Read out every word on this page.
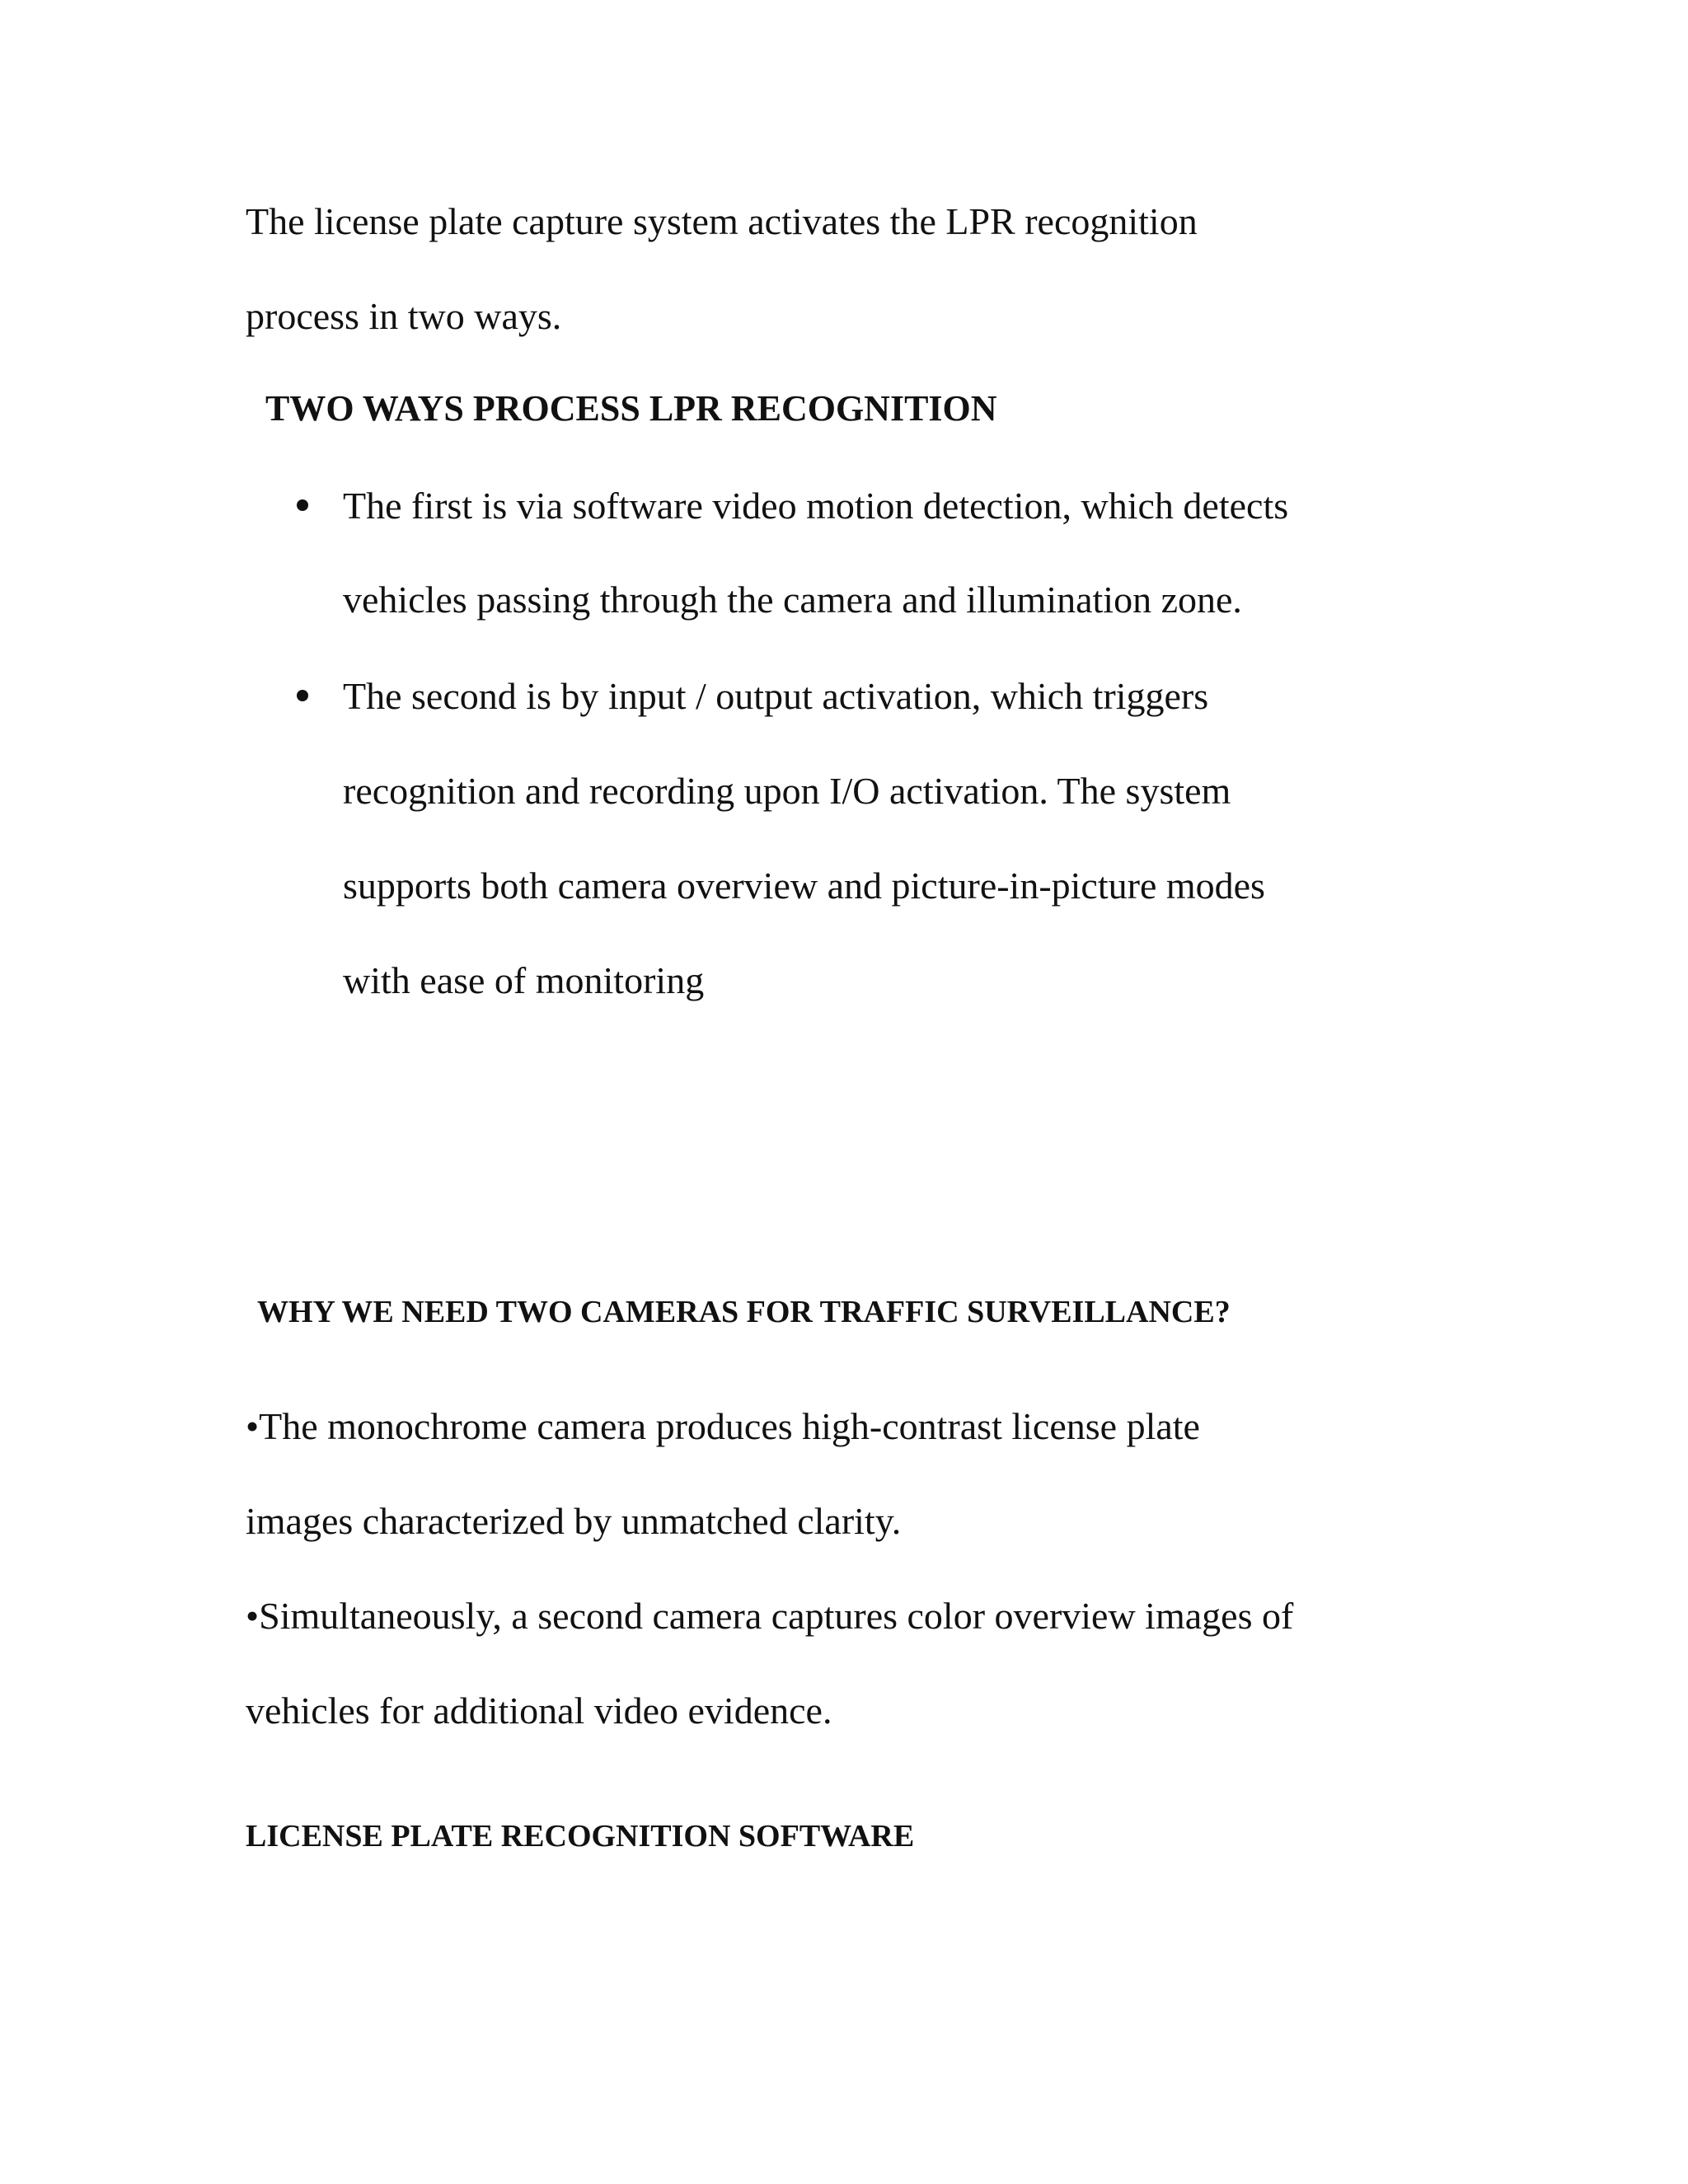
The license plate capture system activates the LPR recognition

process in two ways.

TWO WAYS PROCESS LPR RECOGNITION

The first is via software video motion detection, which detects

vehicles passing through the camera and illumination zone.

The second is by input / output activation, which triggers

recognition and recording upon I/O activation. The system

supports both camera overview and picture-in-picture modes

with ease of monitoring

WHY WE NEED TWO CAMERAS FOR TRAFFIC SURVEILLANCE?

•The monochrome camera produces high-contrast license plate

images characterized by unmatched clarity.

•Simultaneously, a second camera captures color overview images of

vehicles for additional video evidence.

LICENSE PLATE RECOGNITION SOFTWARE
